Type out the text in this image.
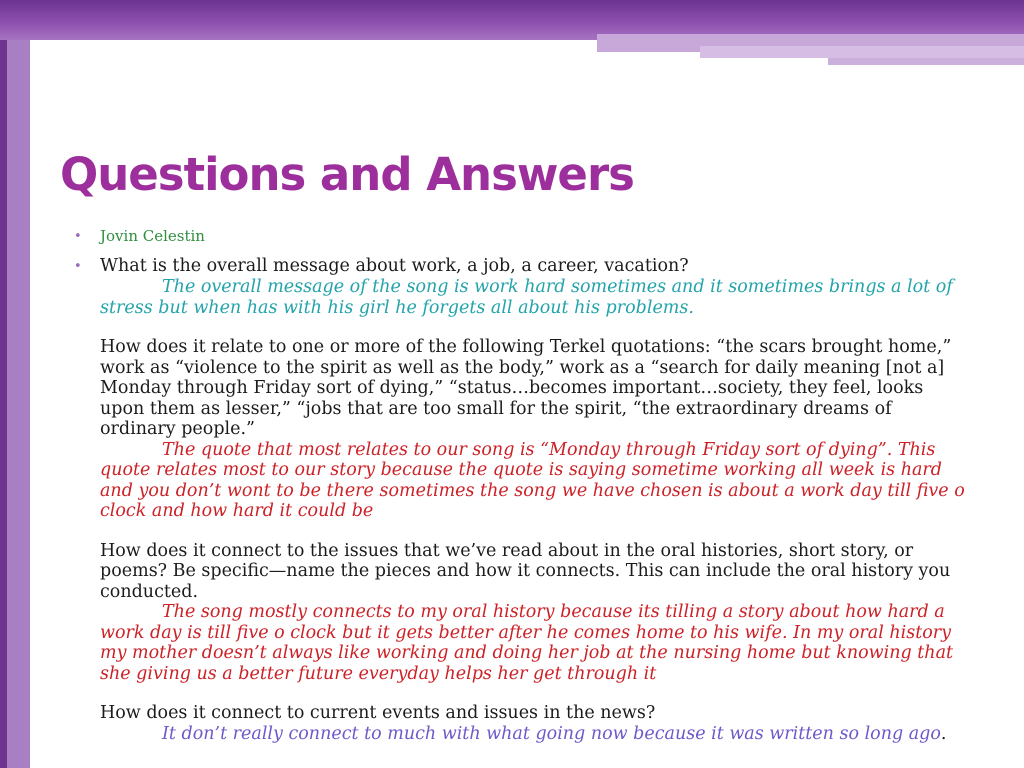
Questions and Answers
• Jovin Celestin
• What is the overall message about work, a job, a career, vacation?

The overall message of the song is work hard sometimes and it sometimes brings a lot of stress but when has with his girl he forgets all about his problems.

How does it relate to one or more of the following Terkel quotations: “the scars brought home,” work as “violence to the spirit as well as the body,” work as a “search for daily meaning [not a] Monday through Friday sort of dying,” “status…becomes important…society, they feel, looks upon them as lesser,” “jobs that are too small for the spirit, “the extraordinary dreams of ordinary people.”

The quote that most relates to our song is “Monday through Friday sort of dying”. This quote relates most to our story because the quote is saying sometime working all week is hard and you don’t wont to be there sometimes the song we have chosen is about a work day till five o clock and how hard it could be

How does it connect to the issues that we’ve read about in the oral histories, short story, or poems? Be specific—name the pieces and how it connects. This can include the oral history you conducted.

The song mostly connects to my oral history because its tilling a story about how hard a work day is till five o clock but it gets better after he comes home to his wife. In my oral history my mother doesn’t always like working and doing her job at the nursing home but knowing that she giving us a better future everyday helps her get through it

How does it connect to current events and issues in the news?

It don’t really connect to much with what going now because it was written so long ago.
